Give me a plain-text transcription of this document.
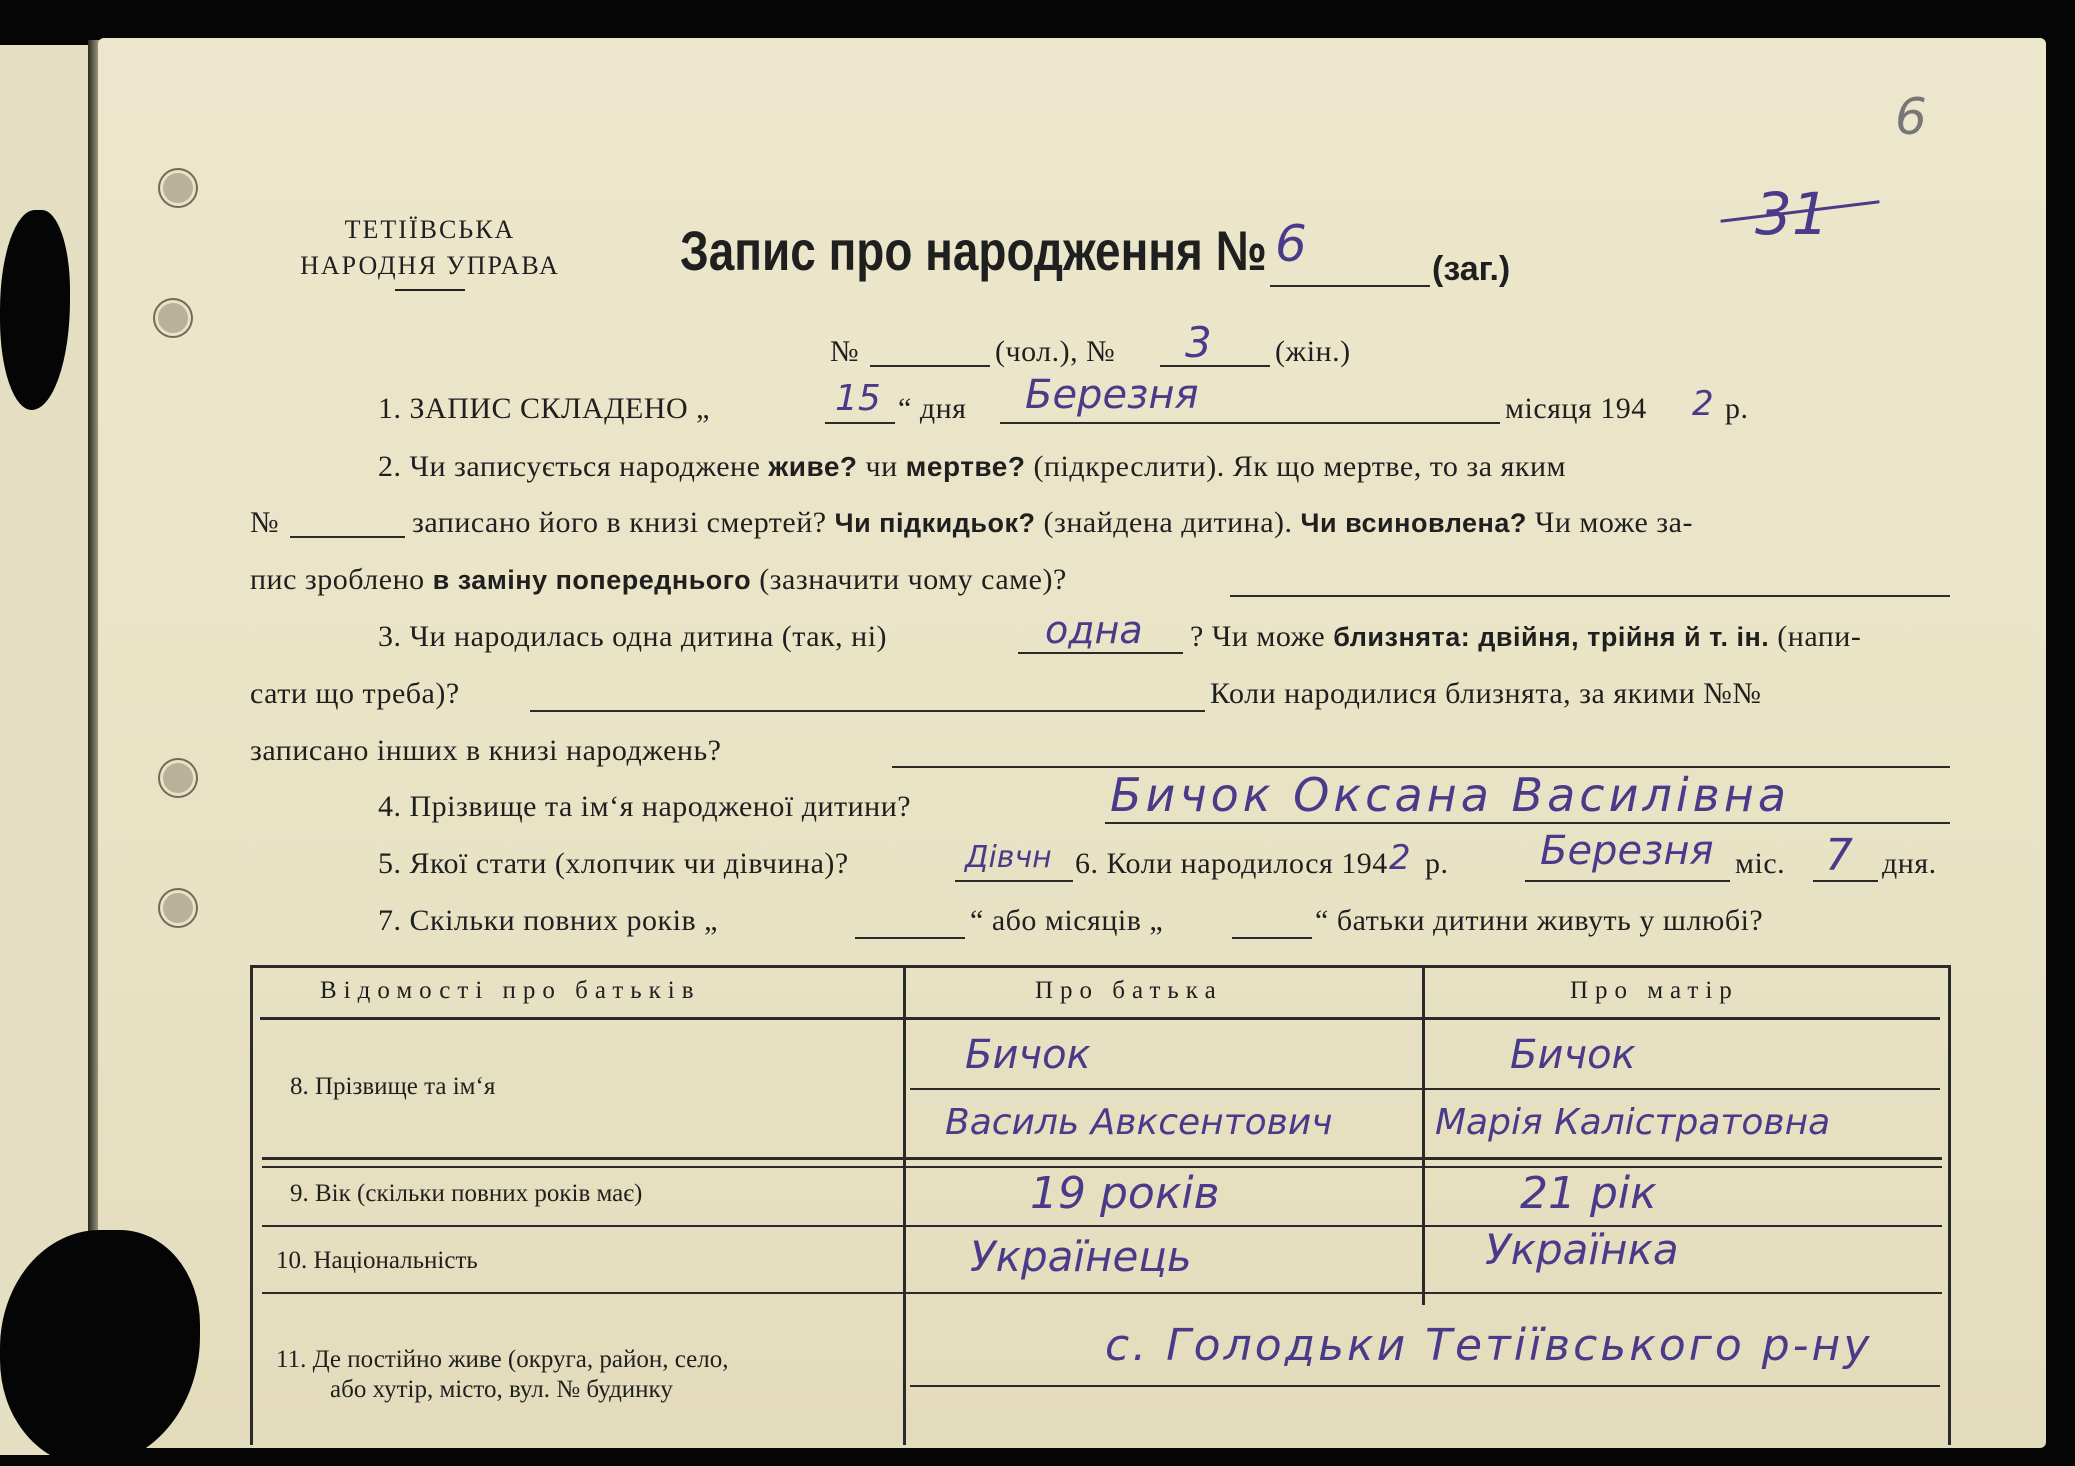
6
31
ТЕТІЇВСЬКА
НАРОДНЯ УПРАВА	Запис про народження № 6	(заг.)
№	(чол.), № 3 (жін.)
1. ЗАПИС СКЛАДЕНО „	15 “ дня Березня	місяця 194 2 р.
2. Чи записується народжене живе? чи мертве? (підкреслити). Як що мертве, то за яким
№	записано його в книзі смертей? Чи підкидьок? (знайдена дитина). Чи всиновлена? Чи може за-
пис зроблено в заміну попереднього (зазначити чому саме)?
3. Чи народилась одна дитина (так, ні)	одна ? Чи може близнята: двійня, трійня й т. ін. (напи-
сати що треба)?	Коли народилися близнята, за якими №№
записано інших в книзі народжень?
4. Прізвище та ім‘я народженої дитини?	Бичок Оксана Василівна
5. Якої стати (хлопчик чи дівчина)?	Дівчн 6. Коли народилося 194 2 р. Березня міс. 7 дня.
7. Скільки повних років „	“ або місяців „	“ батьки дитини живуть у шлюбі?
Відомості про батьків	Про батька	Про матір
8. Прізвище та ім‘я
Бичок	Бичок
Василь Авксентович	Марія Калістратовна
9. Вік (скільки повних років має)	19 років	21 рік
10. Національність	Українець	Українка
11. Де постійно живе (округа, район, село,
або хутір, місто, вул. № будинку
с. Голодьки Тетіївського р-ну
